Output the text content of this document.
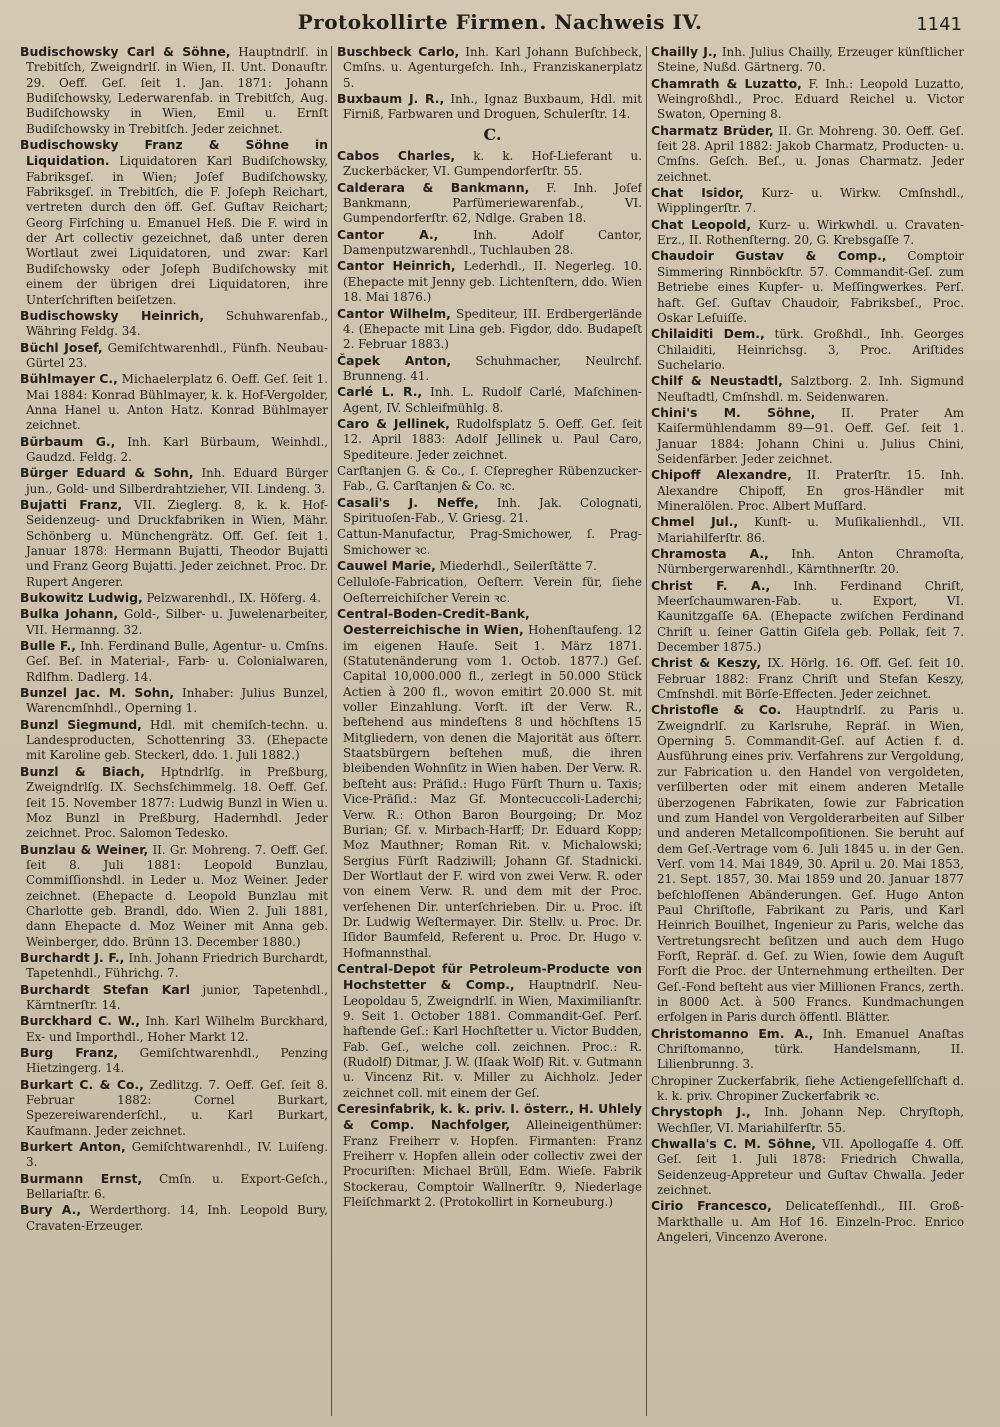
Protokollirte Firmen. Nachweis IV.	1141

Budischowsky Carl & Söhne, Hauptndrlſ. in Trebitſch, Zweigndrlſ. in Wien, II. Unt. Donauſtr. 29. Oeff. Geſ. ſeit 1. Jan. 1871: Johann Budiſchowsky, Lederwarenfab. in Trebitſch, Aug. Budiſchowsky in Wien, Emil u. Ernſt Budiſchowsky in Trebitſch. Jeder zeichnet.

Budischowsky Franz & Söhne in Liquidation. Liquidatoren Karl Budiſchowsky, Fabriksgeſ. in Wien; Joſef Budiſchowsky, Fabriksgeſ. in Trebitſch, die F. Joſeph Reichart, vertreten durch den öff. Geſ. Guſtav Reichart; Georg Firſching u. Emanuel Heß. Die F. wird in der Art collectiv gezeichnet, daß unter deren Wortlaut zwei Liquidatoren, und zwar: Karl Budiſchowsky oder Joſeph Budiſchowsky mit einem der übrigen drei Liquidatoren, ihre Unterſchriften beiſetzen.

Budischowsky Heinrich, Schuhwarenfab., Währing Feldg. 34.

Büchl Josef, Gemiſchtwarenhdl., Fünfh. Neubau-Gürtel 23.

Bühlmayer C., Michaelerplatz 6. Oeff. Geſ. ſeit 1. Mai 1884: Konrad Bühlmayer, k. k. Hof-Vergolder, Anna Hanel u. Anton Hatz. Konrad Bühlmayer zeichnet.

Bürbaum G., Inh. Karl Bürbaum, Weinhdl., Gaudzd. Feldg. 2.

Bürger Eduard & Sohn, Inh. Eduard Bürger jun., Gold- und Silberdrahtzieher, VII. Lindeng. 3.

Bujatti Franz, VII. Zieglerg. 8, k. k. Hof-Seidenzeug- und Druckfabriken in Wien, Mähr. Schönberg u. Münchengrätz. Off. Geſ. ſeit 1. Januar 1878: Hermann Bujatti, Theodor Bujatti und Franz Georg Bujatti. Jeder zeichnet. Proc. Dr. Rupert Angerer.

Bukowitz Ludwig, Pelzwarenhdl., IX. Höferg. 4.

Bulka Johann, Gold-, Silber- u. Juwelenarbeiter, VII. Hermanng. 32.

Bulle F., Inh. Ferdinand Bulle, Agentur- u. Cmſns. Geſ. Beſ. in Material-, Farb- u. Colonialwaren, Rdlfhm. Dadlerg. 14.

Bunzel Jac. M. Sohn, Inhaber: Julius Bunzel, Warencmſnhdl., Operning 1.

Bunzl Siegmund, Hdl. mit chemiſch-techn. u. Landesproducten, Schottenring 33. (Ehepacte mit Karoline geb. Steckerl, ddo. 1. Juli 1882.)

Bunzl & Biach, Hptndrlſg. in Preßburg, Zweigndrlſg. IX. Sechsſchimmelg. 18. Oeff. Geſ. ſeit 15. November 1877: Ludwig Bunzl in Wien u. Moz Bunzl in Preßburg, Hadernhdl. Jeder zeichnet. Proc. Salomon Tedesko.

Bunzlau & Weiner, II. Gr. Mohreng. 7. Oeff. Geſ. ſeit 8. Juli 1881: Leopold Bunzlau, Commiſſionshdl. in Leder u. Moz Weiner. Jeder zeichnet. (Ehepacte d. Leopold Bunzlau mit Charlotte geb. Brandl, ddo. Wien 2. Juli 1881, dann Ehepacte d. Moz Weiner mit Anna geb. Weinberger, ddo. Brünn 13. December 1880.)

Burchardt J. F., Inh. Johann Friedrich Burchardt, Tapetenhdl., Führichg. 7.

Burchardt Stefan Karl junior, Tapetenhdl., Kärntnerſtr. 14.

Burckhard C. W., Inh. Karl Wilhelm Burckhard, Ex- und Importhdl., Hoher Markt 12.

Burg Franz, Gemiſchtwarenhdl., Penzing Hietzingerg. 14.

Burkart C. & Co., Zedlitzg. 7. Oeff. Geſ. ſeit 8. Februar 1882: Cornel Burkart, Spezereiwarenderſchl., u. Karl Burkart, Kaufmann. Jeder zeichnet.

Burkert Anton, Gemiſchtwarenhdl., IV. Luiſeng. 3.

Burmann Ernst, Cmſn. u. Export-Geſch., Bellariaſtr. 6.

Bury A., Werderthorg. 14, Inh. Leopold Bury, Cravaten-Erzeuger.

Buschbeck Carlo, Inh. Karl Johann Buſchbeck, Cmſns. u. Agenturgeſch. Inh., Franziskanerplatz 5.

Buxbaum J. R., Inh., Ignaz Buxbaum, Hdl. mit Firniß, Farbwaren und Droguen, Schulerſtr. 14.

C.

Cabos Charles, k. k. Hof-Lieferant u. Zuckerbäcker, VI. Gumpendorferſtr. 55.

Calderara & Bankmann, F. Inh. Joſef Bankmann, Parfümeriewarenfab., VI. Gumpendorferſtr. 62, Ndlge. Graben 18.

Cantor A.,	Inh. Adolf Cantor, Damenputzwarenhdl., Tuchlauben 28.

Cantor Heinrich, Lederhdl., II. Negerleg. 10. (Ehepacte mit Jenny geb. Lichtenſtern, ddo. Wien 18. Mai 1876.)

Cantor Wilhelm, Spediteur, III. Erdbergerlände 4. (Ehepacte mit Lina geb. Figdor, ddo. Budapeſt 2. Februar 1883.)

Čapek Anton, Schuhmacher, Neulrchf. Brunneng. 41.

Carlé L. R., Inh. L. Rudolf Carlé, Maſchinen-Agent, IV. Schleifmühlg. 8.

Caro & Jellinek, Rudolfsplatz 5. Oeff. Geſ. ſeit 12. April 1883: Adolf Jellinek u. Paul Caro, Spediteure. Jeder zeichnet.

Carſtanjen G. & Co., ſ. Cſepregher Rübenzucker-Fab., G. Carſtanjen & Co. ꝛc.

Casali's J. Neffe, Inh. Jak. Colognati, Spirituoſen-Fab., V. Griesg. 21.

Cattun-Manufactur, Prag-Smichower, ſ. Prag-Smichower ꝛc.

Cauwel Marie, Miederhdl., Seilerſtätte 7.

Celluloſe-Fabrication, Oeſterr. Verein für, ſiehe Oeſterreichiſcher Verein ꝛc.

Central-Boden-Credit-Bank, Oesterreichische in Wien, Hohenſtaufeng. 12 im eigenen Hauſe. Seit 1. März 1871. (Statutenänderung vom 1. Octob. 1877.) Geſ. Capital 10,000.000 fl., zerlegt in 50.000 Stück Actien à 200 fl., wovon emitirt 20.000 St. mit voller Einzahlung. Vorſt. iſt der Verw. R., beſtehend aus mindeſtens 8 und höchſtens 15 Mitgliedern, von denen die Majorität aus öſterr. Staatsbürgern beſtehen muß, die ihren bleibenden Wohnſitz in Wien haben. Der Verw. R. beſteht aus: Präſid.: Hugo Fürſt Thurn u. Taxis; Vice-Präſid.: Maz Gf. Montecuccoli-Laderchi; Verw. R.: Othon Baron Bourgoing; Dr. Moz Burian; Gf. v. Mirbach-Harff; Dr. Eduard Kopp; Moz Mauthner; Roman Rit. v. Michalowski; Sergius Fürſt Radziwill; Johann Gf. Stadnicki. Der Wortlaut der F. wird von zwei Verw. R. oder von einem Verw. R. und dem mit der Proc. verſehenen Dir. unterſchrieben. Dir. u. Proc. iſt Dr. Ludwig Weſtermayer. Dir. Stellv. u. Proc. Dr. Iſidor Baumfeld, Referent u. Proc. Dr. Hugo v. Hofmannsthal.

Central-Depot für Petroleum-Producte von Hochstetter & Comp., Hauptndrlſ. Neu-Leopoldau 5, Zweigndrlſ. in Wien, Maximilianſtr. 9. Seit 1. October 1881. Commandit-Geſ. Perſ. haftende Geſ.: Karl Hochſtetter u. Victor Budden, Fab. Geſ., welche coll. zeichnen. Proc.: R. (Rudolf) Ditmar, J. W. (Iſaak Wolf) Rit. v. Gutmann u. Vincenz Rit. v. Miller zu Aichholz. Jeder zeichnet coll. mit einem der Geſ.

Ceresinfabrik, k. k. priv. I. österr., H. Uhlely & Comp. Nachfolger, Alleineigenthümer: Franz Freiherr v. Hopfen. Firmanten: Franz Freiherr v. Hopfen allein oder collectiv zwei der Procuriſten: Michael Brüll, Edm. Wieſe. Fabrik Stockerau, Comptoir Wallnerſtr. 9, Niederlage Fleiſchmarkt 2. (Protokollirt in Korneuburg.)

Chailly J., Inh. Julius Chailly, Erzeuger künſtlicher Steine, Nußd. Gärtnerg. 70.

Chamrath & Luzatto, F. Inh.: Leopold Luzatto, Weingroßhdl., Proc. Eduard Reichel u. Victor Swaton, Operning 8.

Charmatz Brüder, II. Gr. Mohreng. 30. Oeff. Geſ. ſeit 28. April 1882: Jakob Charmatz, Producten- u. Cmſns. Geſch. Beſ., u. Jonas Charmatz. Jeder zeichnet.

Chat Isidor, Kurz- u. Wirkw. Cmſnshdl., Wipplingerſtr. 7.

Chat Leopold, Kurz- u. Wirkwhdl. u. Cravaten-Erz., II. Rothenſterng. 20, G. Krebsgaſſe 7.

Chaudoir Gustav & Comp., Comptoir Simmering Rinnböckſtr. 57. Commandit-Geſ. zum Betriebe eines Kupfer- u. Meſſingwerkes. Perſ. haft. Geſ. Guſtav Chaudoir, Fabriksbeſ., Proc. Oskar Leſuiſſe.

Chilaiditi Dem., türk. Großhdl., Inh. Georges Chilaiditi, Heinrichsg. 3, Proc. Ariſtides Suchelario.

Chilf & Neustadtl, Salztborg. 2. Inh. Sigmund Neuſtadtl, Cmſnshdl. m. Seidenwaren.

Chini's M. Söhne, II. Prater Am Kaiſermühlendamm 89—91. Oeff. Geſ. ſeit 1. Januar 1884: Johann Chini u. Julius Chini, Seidenfärber. Jeder zeichnet.

Chipoff Alexandre, II. Praterſtr. 15. Inh. Alexandre Chipoff, En gros-Händler mit Mineralölen. Proc. Albert Muſſard.

Chmel Jul., Kunſt- u. Muſikalienhdl., VII. Mariahilferſtr. 86.

Chramosta A., Inh. Anton Chramoſta, Nürnbergerwarenhdl., Kärnthnerſtr. 20.

Christ F. A., Inh. Ferdinand Chriſt, Meerſchaumwaren-Fab. u. Export, VI. Kaunitzgaſſe 6A. (Ehepacte zwiſchen Ferdinand Chriſt u. ſeiner Gattin Giſela geb. Pollak, ſeit 7. December 1875.)

Christ & Keszy, IX. Hörlg. 16. Off. Geſ. ſeit 10. Februar 1882: Franz Chriſt und Stefan Keszy, Cmſnshdl. mit Börſe-Effecten. Jeder zeichnet.

Christofle & Co. Hauptndrlſ. zu Paris u. Zweigndrlſ. zu Karlsruhe, Repräſ. in Wien, Operning 5. Commandit-Geſ. auf Actien f. d. Ausführung eines priv. Verfahrens zur Vergoldung, zur Fabrication u. den Handel von vergoldeten, verſilberten oder mit einem anderen Metalle überzogenen Fabrikaten, ſowie zur Fabrication und zum Handel von Vergolderarbeiten auf Silber und anderen Metallcompoſitionen. Sie beruht auf dem Geſ.-Vertrage vom 6. Juli 1845 u. in der Gen. Verſ. vom 14. Mai 1849, 30. April u. 20. Mai 1853, 21. Sept. 1857, 30. Mai 1859 und 20. Januar 1877 beſchloſſenen Abänderungen. Geſ. Hugo Anton Paul Chriſtofle, Fabrikant zu Paris, und Karl Heinrich Bouilhet, Ingenieur zu Paris, welche das Vertretungsrecht beſitzen und auch dem Hugo Forſt, Repräſ. d. Geſ. zu Wien, ſowie dem Auguſt Forſt die Proc. der Unternehmung ertheilten. Der Geſ.-Fond beſteht aus vier Millionen Francs, zerth. in 8000 Act. à 500 Francs. Kundmachungen erfolgen in Paris durch öffentl. Blätter.

Christomanno Em. A., Inh. Emanuel Anaſtas Chriſtomanno, türk. Handelsmann, II. Lilienbrunng. 3.

Chropiner Zuckerfabrik, ſiehe Actiengeſellſchaft d. k. k. priv. Chropiner Zuckerfabrik ꝛc.

Chrystoph J., Inh. Johann Nep. Chryſtoph, Wechſler, VI. Mariahilferſtr. 55.

Chwalla's C. M. Söhne, VII. Apollogaſſe 4. Off. Geſ. ſeit 1. Juli 1878: Friedrich Chwalla, Seidenzeug-Appreteur und Guſtav Chwalla. Jeder zeichnet.

Cirio Francesco, Delicateſſenhdl., III. Groß-Markthalle u. Am Hof 16. Einzeln-Proc. Enrico Angeleri, Vincenzo Averone.
